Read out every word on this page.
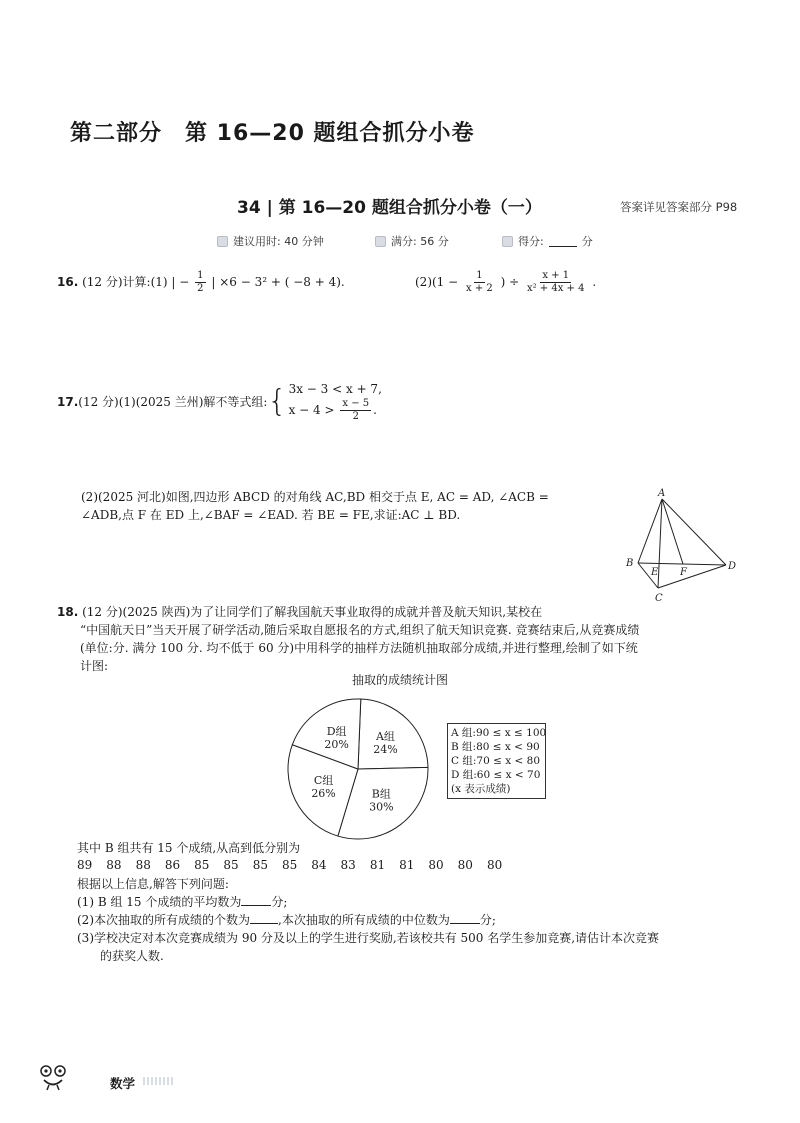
第二部分　第 16—20 题组合抓分小卷
34 | 第 16—20 题组合抓分小卷（一）	答案详见答案部分 P98
建议用时: 40 分钟	满分: 56 分	得分:	分
16. (12 分)计算:(1) | − $\frac{1}{2}$ | ×6 − 3² + ( −8 + 4).	$(2)(1 - \frac{1}{x + 2}$ ) ÷ $\frac{x + 1}{\text{x² + 4x + 4}}$ .
17. (12 分)(1)(2025 兰州)解不等式组: { 3x − 3 < x + 7,
$x - 4 > \frac{x - 5}{2}$ .
(2)(2025 河北)如图,四边形 ABCD 的对角线 AC,BD 相交于点 E, AC = AD, ∠ACB =
∠ADB,点 F 在 ED 上,∠BAF = ∠EAD. 若 BE = FE,求证:AC ⊥ BD.
A
B
C
D
E F
18. (12 分)(2025 陕西)为了让同学们了解我国航天事业取得的成就并普及航天知识,某校在
“中国航天日”当天开展了研学活动,随后采取自愿报名的方式,组织了航天知识竞赛. 竞赛结束后,从竞赛成绩
(单位:分. 满分 100 分. 均不低于 60 分)中用科学的抽样方法随机抽取部分成绩,并进行整理,绘制了如下统
计图:
抽取的成绩统计图
A组
24%
B组
30%
C组
26%
D组
20%
A 组:90 ≤ x ≤ 100
B 组:80 ≤ x < 90
C 组:70 ≤ x < 80
D 组:60 ≤ x < 70
(x 表示成绩)
其中 B 组共有 15 个成绩,从高到低分别为
89 88 88 86 85 85 85 85 84 83 81 81 80 80 80
根据以上信息,解答下列问题:
(1) B 组 15 个成绩的平均数为	分;
(2)本次抽取的所有成绩的个数为 ,本次抽取的所有成绩的中位数为	分;
(3)学校决定对本次竞赛成绩为 90 分及以上的学生进行奖励,若该校共有 500 名学生参加竞赛,请估计本次竞赛
的获奖人数.
数学
